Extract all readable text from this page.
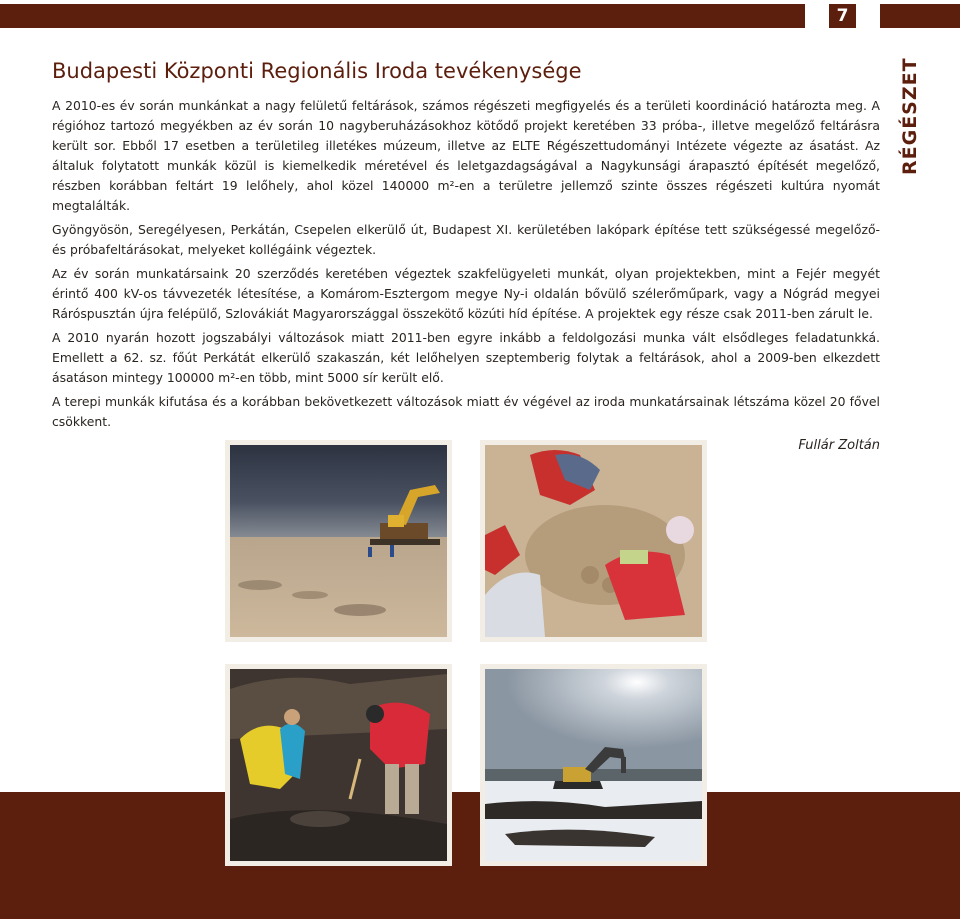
7
RÉGÉSZET
Budapesti Központi Regionális Iroda tevékenysége

A 2010-es év során munkánkat a nagy felületű feltárások, számos régészeti megfigyelés és a területi koordináció határozta meg. A régióhoz tartozó megyékben az év során 10 nagyberuházásokhoz kötődő projekt keretében 33 próba-, illetve megelőző feltárásra került sor. Ebből 17 esetben a területileg illetékes múzeum, illetve az ELTE Régészettudományi Intézete végezte az ásatást. Az általuk folytatott munkák közül is kiemelkedik méretével és leletgazdagságával a Nagykunsági árapasztó építését megelőző, részben korábban feltárt 19 lelőhely, ahol közel 140000 m²-en a területre jellemző szinte összes régészeti kultúra nyomát megtalálták.

Gyöngyösön, Seregélyesen, Perkátán, Csepelen elkerülő út, Budapest XI. kerületében lakópark építése tett szükségessé megelőző- és próbafeltárásokat, melyeket kollégáink végeztek.

Az év során munkatársaink 20 szerződés keretében végeztek szakfelügyeleti munkát, olyan projektekben, mint a Fejér megyét érintő 400 kV-os távvezeték létesítése, a Komárom-Esztergom megye Ny-i oldalán bővülő szélerőműpark, vagy a Nógrád megyei Ráróspusztán újra felépülő, Szlovákiát Magyarországgal összekötő közúti híd építése. A projektek egy része csak 2011-ben zárult le.

A 2010 nyarán hozott jogszabályi változások miatt 2011-ben egyre inkább a feldolgozási munka vált elsődleges feladatunkká. Emellett a 62. sz. főút Perkátát elkerülő szakaszán, két lelőhelyen szeptemberig folytak a feltárások, ahol a 2009-ben elkezdett ásatáson mintegy 100000 m²-en több, mint 5000 sír került elő.

A terepi munkák kifutása és a korábban bekövetkezett változások miatt év végével az iroda munkatársainak létszáma közel 20 fővel csökkent.

Fullár Zoltán
